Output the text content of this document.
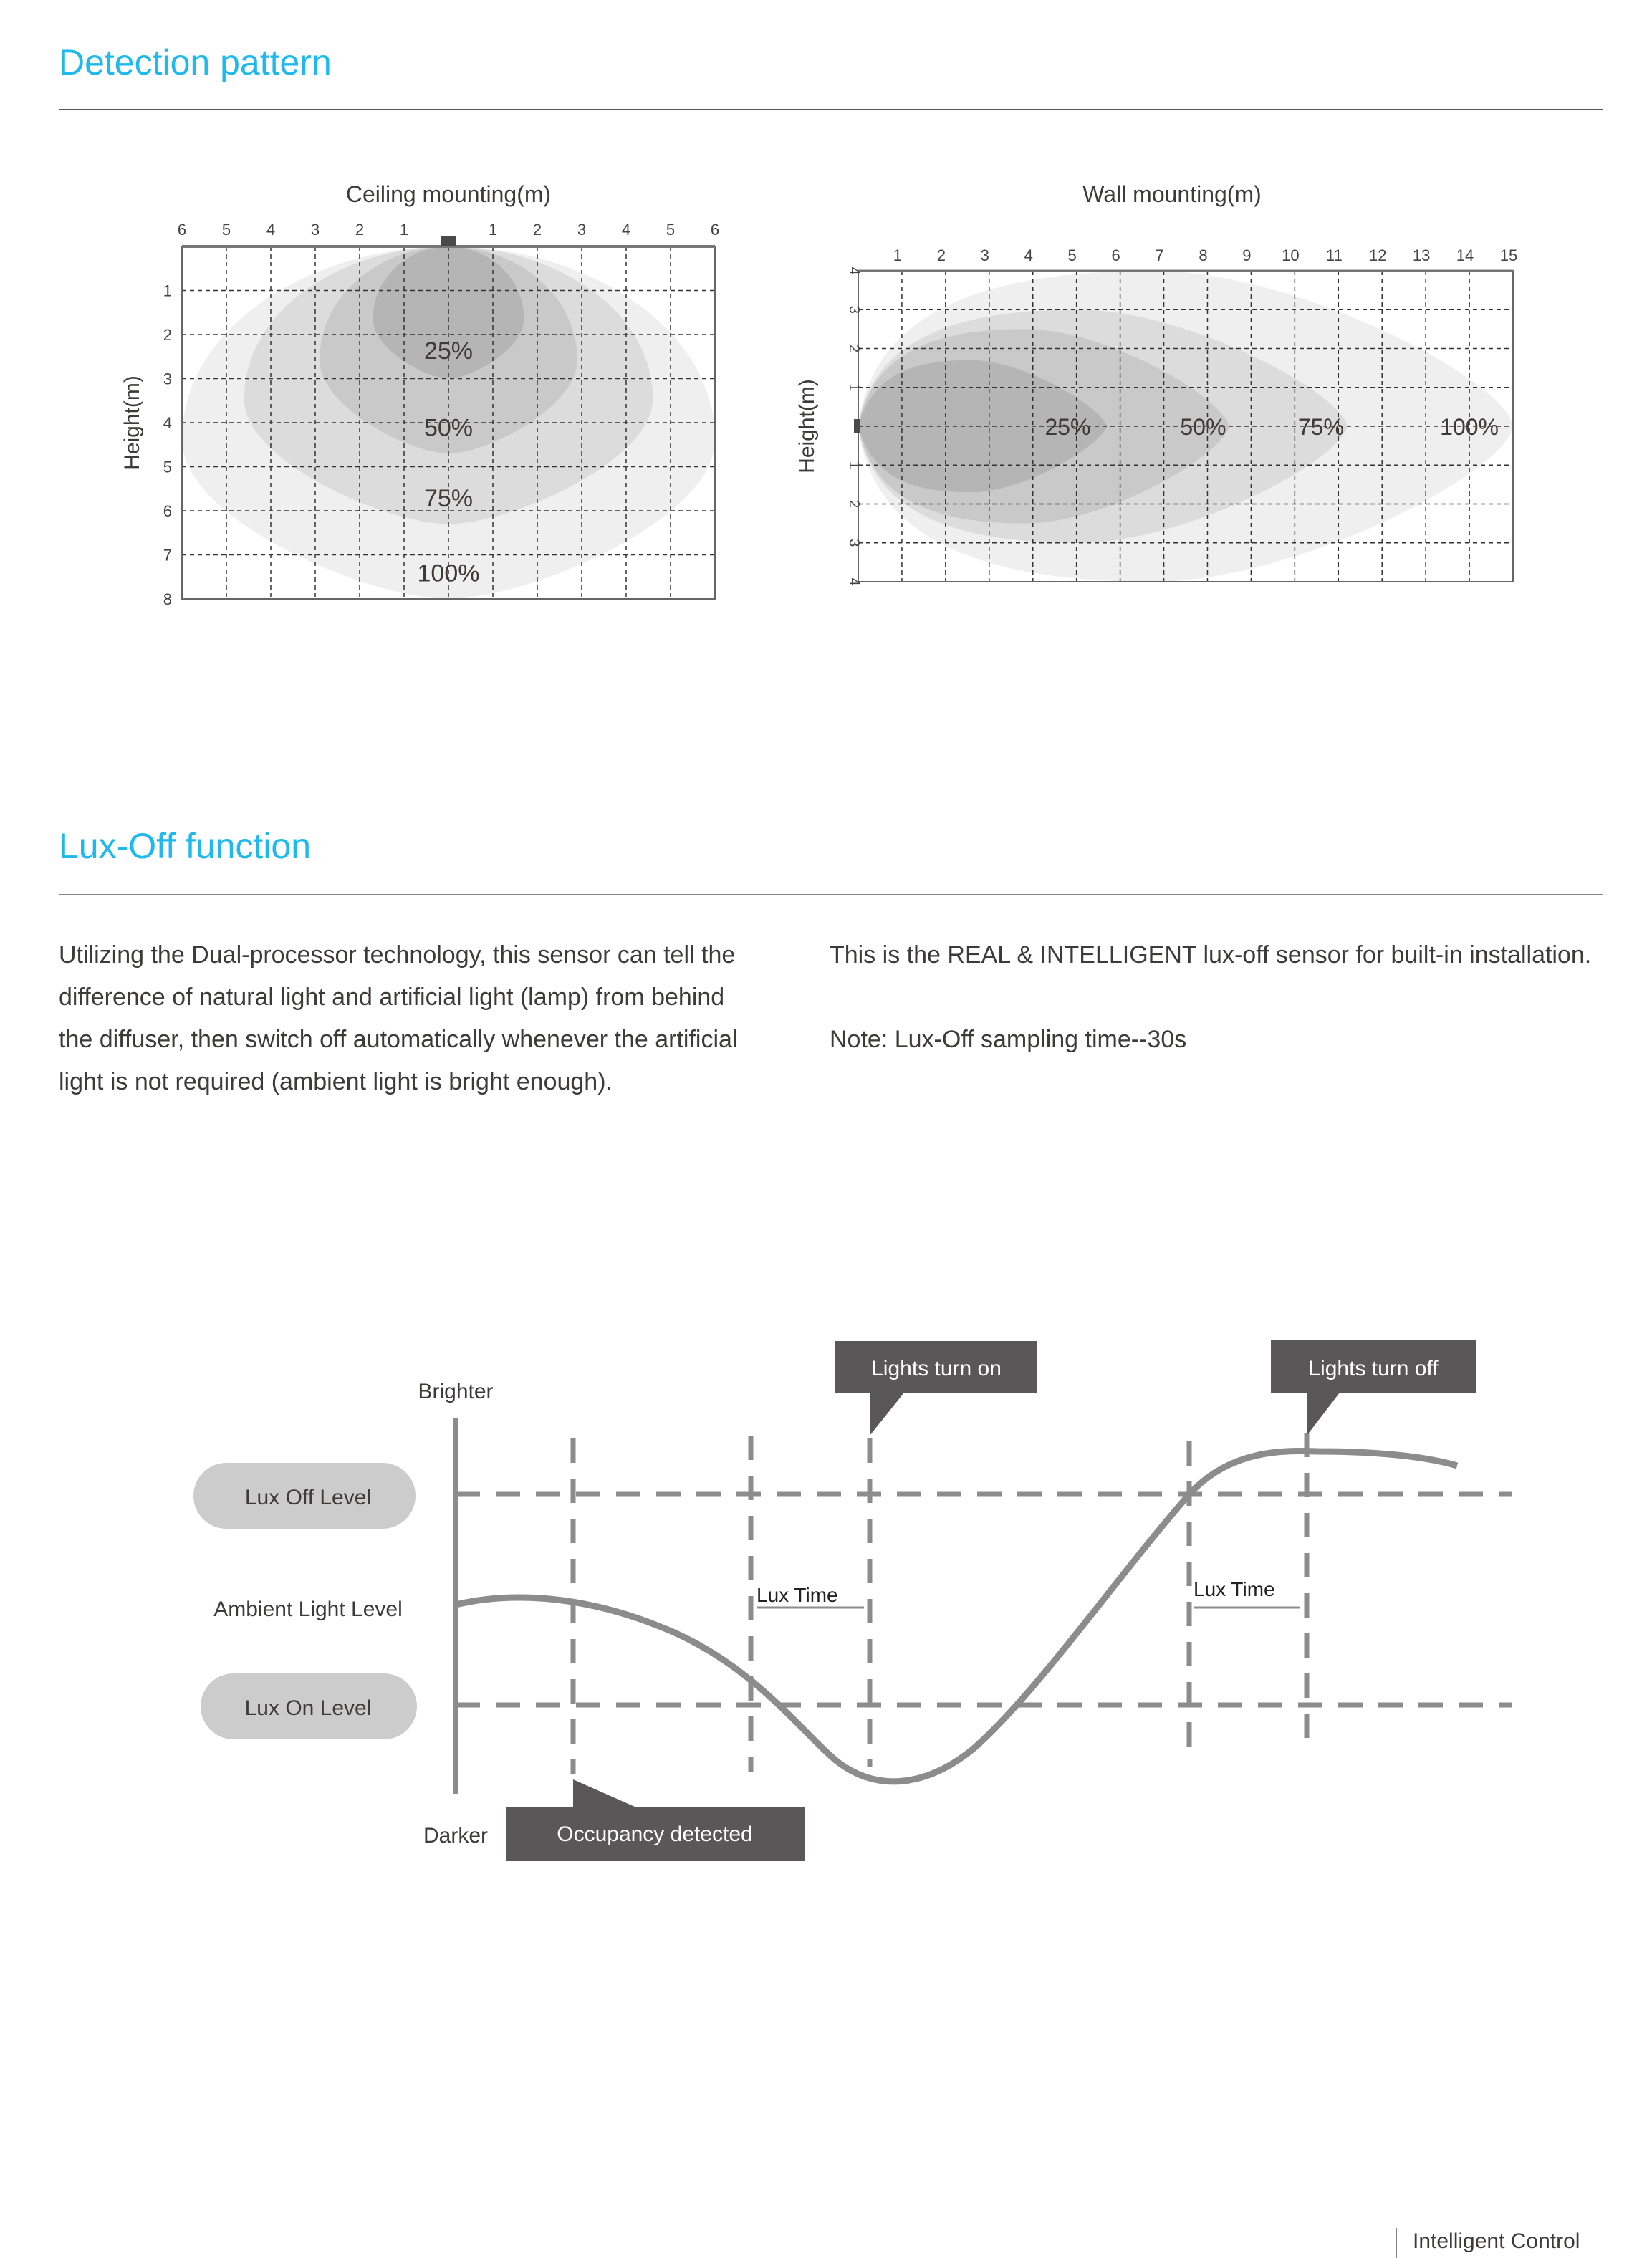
Detection pattern
Ceiling mounting(m)
Height(m)
6 5 4 3 2 1	1 2 3 4 5 6
1
2
3
4
5
6
7
8
25%
50%
75%
100%
Wall mounting(m)
Height(m)
1 2 3 4 5 6 7 8 9 10 11 12 13 14 15
4
3
2
1
1
2
3
4
25%	50%	75%	100%
Lux-Off function
Utilizing the Dual-processor technology, this sensor can tell the
difference of natural light and artificial light (lamp) from behind
the diffuser, then switch off automatically whenever the artificial
light is not required (ambient light is bright enough).
This is the REAL & INTELLIGENT lux-off sensor for built-in installation.
Note: Lux-Off sampling time--30s
Lux Off Level
Ambient Light Level
Lux On Level
Brighter
Darker
Lux Time	Lux Time
Lights turn on	Lights turn off
Occupancy detected
Intelligent Control
